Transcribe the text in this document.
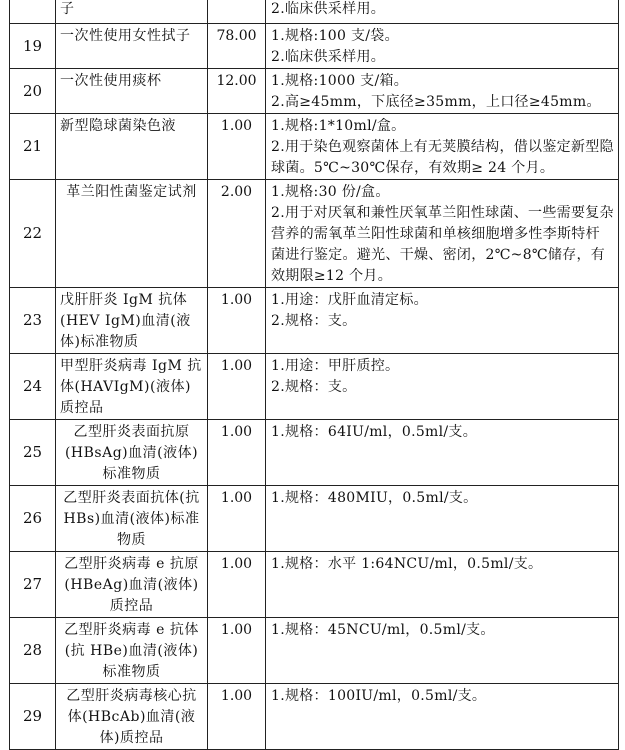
	子		2.临床供采样用。

19	一次性使用女性拭子	78.00	1.规格:100 支/袋。
2.临床供采样用。

20	一次性使用痰杯	12.00	1.规格:1000 支/箱。
2.高≥45mm，下底径≥35mm，上口径≥45mm。

21	新型隐球菌染色液	1.00	1.规格:1*10ml/盒。
2.用于染色观察菌体上有无荚膜结构，借以鉴定新型隐球菌。5℃~30℃保存，有效期≥ 24 个月。

22	革兰阳性菌鉴定试剂	2.00	1.规格:30 份/盒。
2.用于对厌氧和兼性厌氧革兰阳性球菌、一些需要复杂营养的需氧革兰阳性球菌和单核细胞增多性李斯特杆菌进行鉴定。避光、干燥、密闭，2℃~8℃储存，有效期限≥12 个月。

23	戊肝肝炎 IgM 抗体(HEV IgM)血清(液体)标准物质	1.00	1.用途：戊肝血清定标。
2.规格：支。

24	甲型肝炎病毒 IgM 抗体(HAVIgM)(液体)质控品	1.00	1.用途：甲肝质控。
2.规格：支。

25	乙型肝炎表面抗原(HBsAg)血清(液体)标准物质	1.00	1.规格：64IU/ml，0.5ml/支。

26	乙型肝炎表面抗体(抗 HBs)血清(液体)标准物质	1.00	1.规格：480MIU，0.5ml/支。

27	乙型肝炎病毒 e 抗原(HBeAg)血清(液体)质控品	1.00	1.规格：水平 1:64NCU/ml，0.5ml/支。

28	乙型肝炎病毒 e 抗体(抗 HBe)血清(液体)标准物质	1.00	1.规格：45NCU/ml，0.5ml/支。

29	乙型肝炎病毒核心抗体(HBcAb)血清(液体)质控品	1.00	1.规格：100IU/ml，0.5ml/支。
